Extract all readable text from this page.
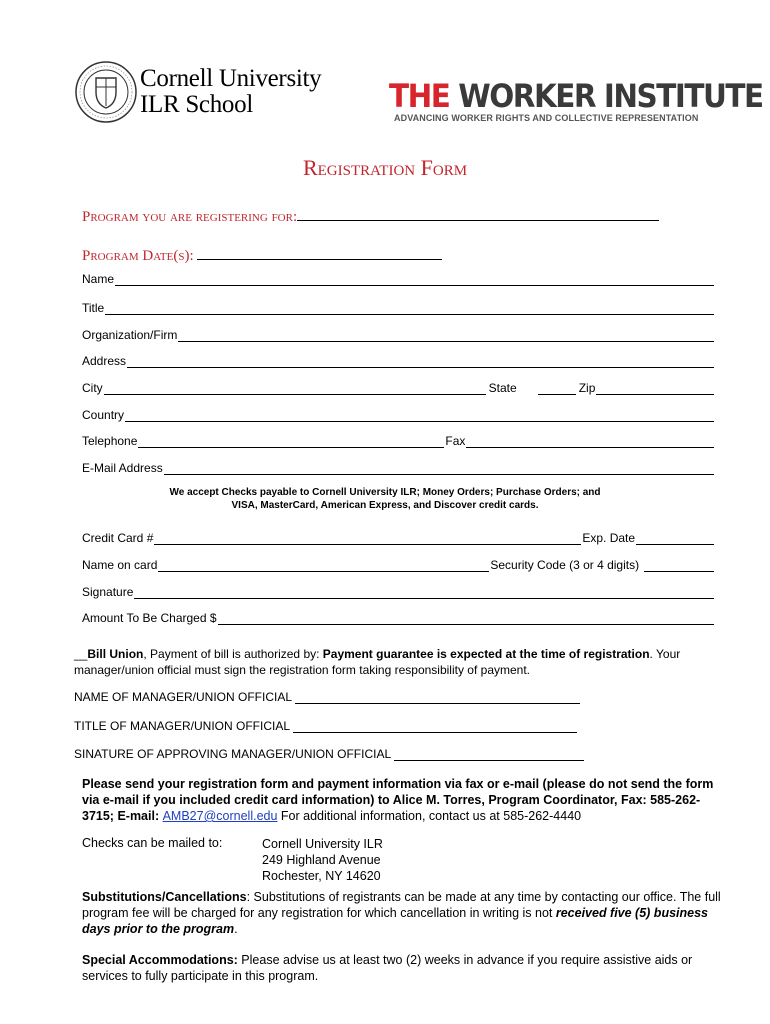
Cornell University
ILR School	THE WORKER INSTITUTE
ADVANCING WORKER RIGHTS AND COLLECTIVE REPRESENTATION
Registration Form
Program you are registering for:
Program Date(s):
Name
Title
Organization/Firm
Address
City	State	Zip
Country
Telephone	Fax
E-Mail Address
We accept Checks payable to Cornell University ILR; Money Orders; Purchase Orders; and
VISA, MasterCard, American Express, and Discover credit cards.
Credit Card #	Exp. Date
Name on card	Security Code (3 or 4 digits)
Signature
Amount To Be Charged $
__Bill Union, Payment of bill is authorized by: Payment guarantee is expected at the time of registration. Your manager/union official must sign the registration form taking responsibility of payment.
NAME OF MANAGER/UNION OFFICIAL
TITLE OF MANAGER/UNION OFFICIAL
SINATURE OF APPROVING MANAGER/UNION OFFICIAL
Please send your registration form and payment information via fax or e-mail (please do not send the form via e-mail if you included credit card information) to Alice M. Torres, Program Coordinator, Fax: 585-262-3715; E-mail: AMB27@cornell.edu For additional information, contact us at 585-262-4440
Checks can be mailed to:	Cornell University ILR
249 Highland Avenue
Rochester, NY 14620
Substitutions/Cancellations: Substitutions of registrants can be made at any time by contacting our office. The full program fee will be charged for any registration for which cancellation in writing is not received five (5) business days prior to the program.
Special Accommodations: Please advise us at least two (2) weeks in advance if you require assistive aids or services to fully participate in this program.
